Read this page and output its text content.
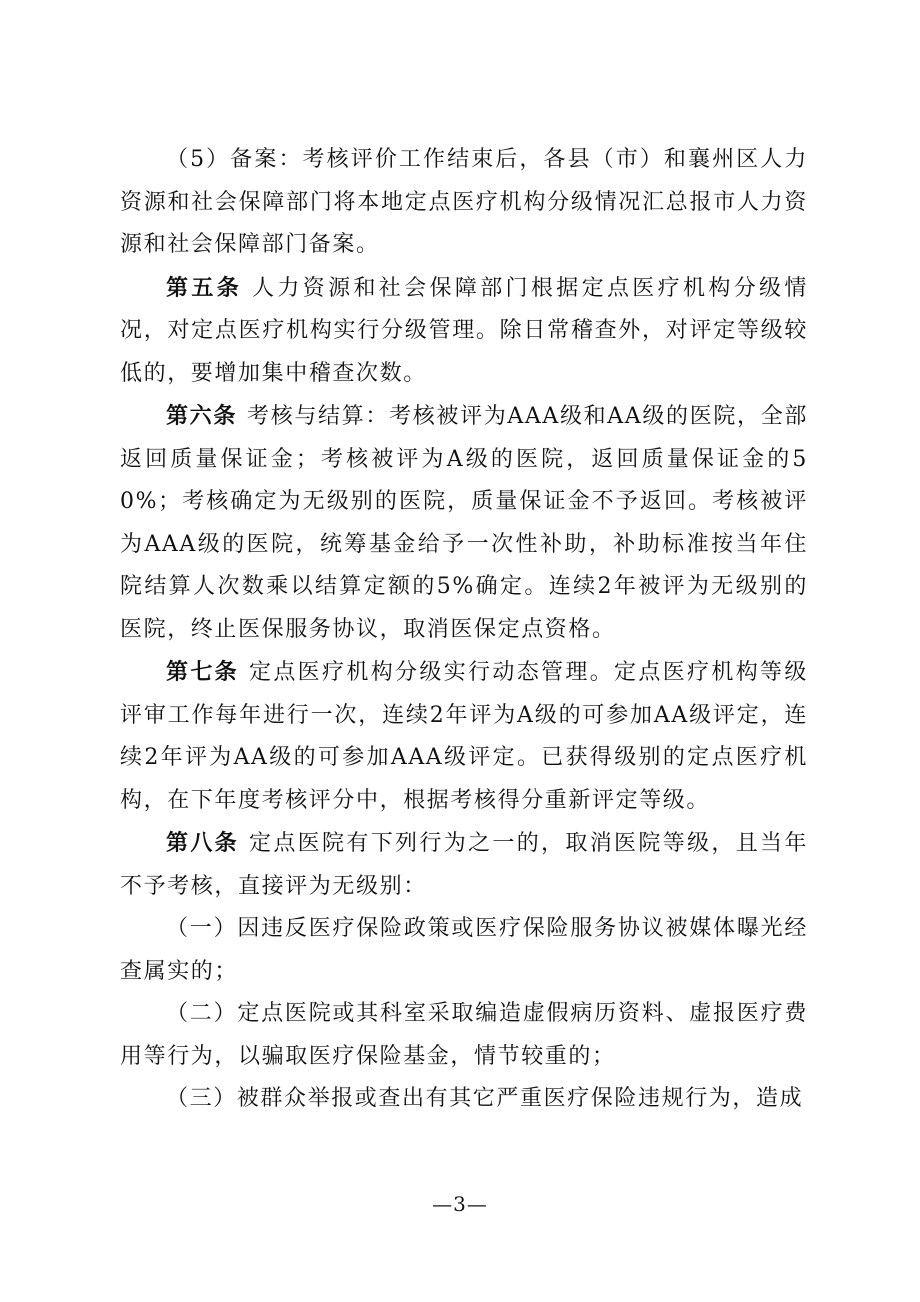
（5）备案：考核评价工作结束后，各县（市）和襄州区人力资源和社会保障部门将本地定点医疗机构分级情况汇总报市人力资源和社会保障部门备案。

第五条 人力资源和社会保障部门根据定点医疗机构分级情况，对定点医疗机构实行分级管理。除日常稽查外，对评定等级较低的，要增加集中稽查次数。

第六条 考核与结算：考核被评为AAA级和AA级的医院，全部返回质量保证金；考核被评为A级的医院，返回质量保证金的50%；考核确定为无级别的医院，质量保证金不予返回。考核被评为AAA级的医院，统筹基金给予一次性补助，补助标准按当年住院结算人次数乘以结算定额的5%确定。连续2年被评为无级别的医院，终止医保服务协议，取消医保定点资格。

第七条 定点医疗机构分级实行动态管理。定点医疗机构等级评审工作每年进行一次，连续2年评为A级的可参加AA级评定，连续2年评为AA级的可参加AAA级评定。已获得级别的定点医疗机构，在下年度考核评分中，根据考核得分重新评定等级。

第八条 定点医院有下列行为之一的，取消医院等级，且当年不予考核，直接评为无级别：

（一）因违反医疗保险政策或医疗保险服务协议被媒体曝光经查属实的；

（二）定点医院或其科室采取编造虚假病历资料、虚报医疗费用等行为，以骗取医疗保险基金，情节较重的；

（三）被群众举报或查出有其它严重医疗保险违规行为，造成

—3—
